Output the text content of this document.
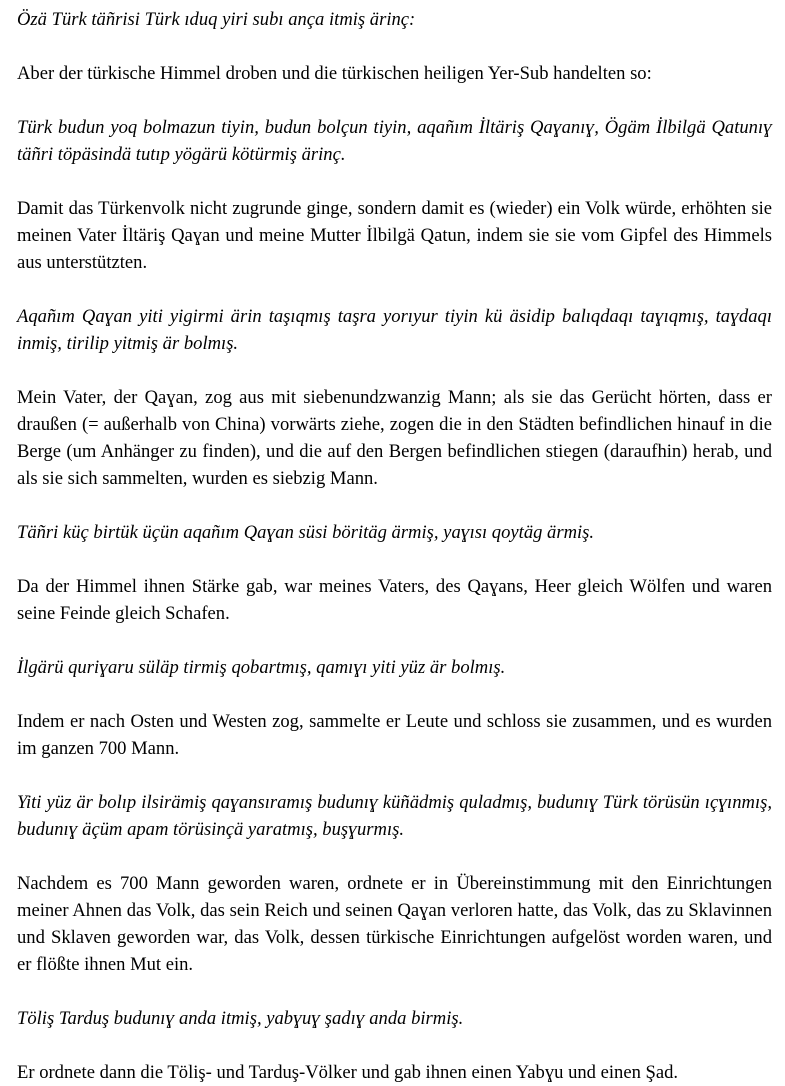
Özä Türk täñrisi Türk ıduq yiri subı ança itmiş ärinç:

Aber der türkische Himmel droben und die türkischen heiligen Yer-Sub handelten so:

Türk budun yoq bolmazun tiyin, budun bolçun tiyin, aqañım İltäriş Qaɣanıɣ, Ögäm İlbilgä Qatunıɣ täñri töpäsindä tutıp yögärü kötürmiş ärinç.

Damit das Türkenvolk nicht zugrunde ginge, sondern damit es (wieder) ein Volk würde, erhöhten sie meinen Vater İltäriş Qaɣan und meine Mutter İlbilgä Qatun, indem sie sie vom Gipfel des Himmels aus unterstützten.

Aqañım Qaɣan yiti yigirmi ärin taşıqmış taşra yorıyur tiyin kü äsidip balıqdaqı taɣıqmış, taɣdaqı inmiş, tirilip yitmiş är bolmış.

Mein Vater, der Qaɣan, zog aus mit siebenundzwanzig Mann; als sie das Gerücht hörten, dass er draußen (= außerhalb von China) vorwärts ziehe, zogen die in den Städten befindlichen hinauf in die Berge (um Anhänger zu finden), und die auf den Bergen befindlichen stiegen (daraufhin) herab, und als sie sich sammelten, wurden es siebzig Mann.

Täñri küç birtük üçün aqañım Qaɣan süsi böritäg ärmiş, yaɣısı qoytäg ärmiş.

Da der Himmel ihnen Stärke gab, war meines Vaters, des Qaɣans, Heer gleich Wölfen und waren seine Feinde gleich Schafen.

İlgärü quriɣaru süläp tirmiş qobartmış, qamıɣı yiti yüz är bolmış.

Indem er nach Osten und Westen zog, sammelte er Leute und schloss sie zusammen, und es wurden im ganzen 700 Mann.

Yiti yüz är bolıp ilsirämiş qaɣansıramış budunıɣ küñädmiş quladmış, budunıɣ Türk törüsün ıçɣınmış, budunıɣ äçüm apam törüsinçä yaratmış, buşɣurmış.

Nachdem es 700 Mann geworden waren, ordnete er in Übereinstimmung mit den Einrichtungen meiner Ahnen das Volk, das sein Reich und seinen Qaɣan verloren hatte, das Volk, das zu Sklavinnen und Sklaven geworden war, das Volk, dessen türkische Einrichtungen aufgelöst worden waren, und er flößte ihnen Mut ein.

Töliş Tarduş budunıɣ anda itmiş, yabɣuɣ şadıɣ anda birmiş.

Er ordnete dann die Töliş- und Tarduş-Völker und gab ihnen einen Yabɣu und einen Şad.
